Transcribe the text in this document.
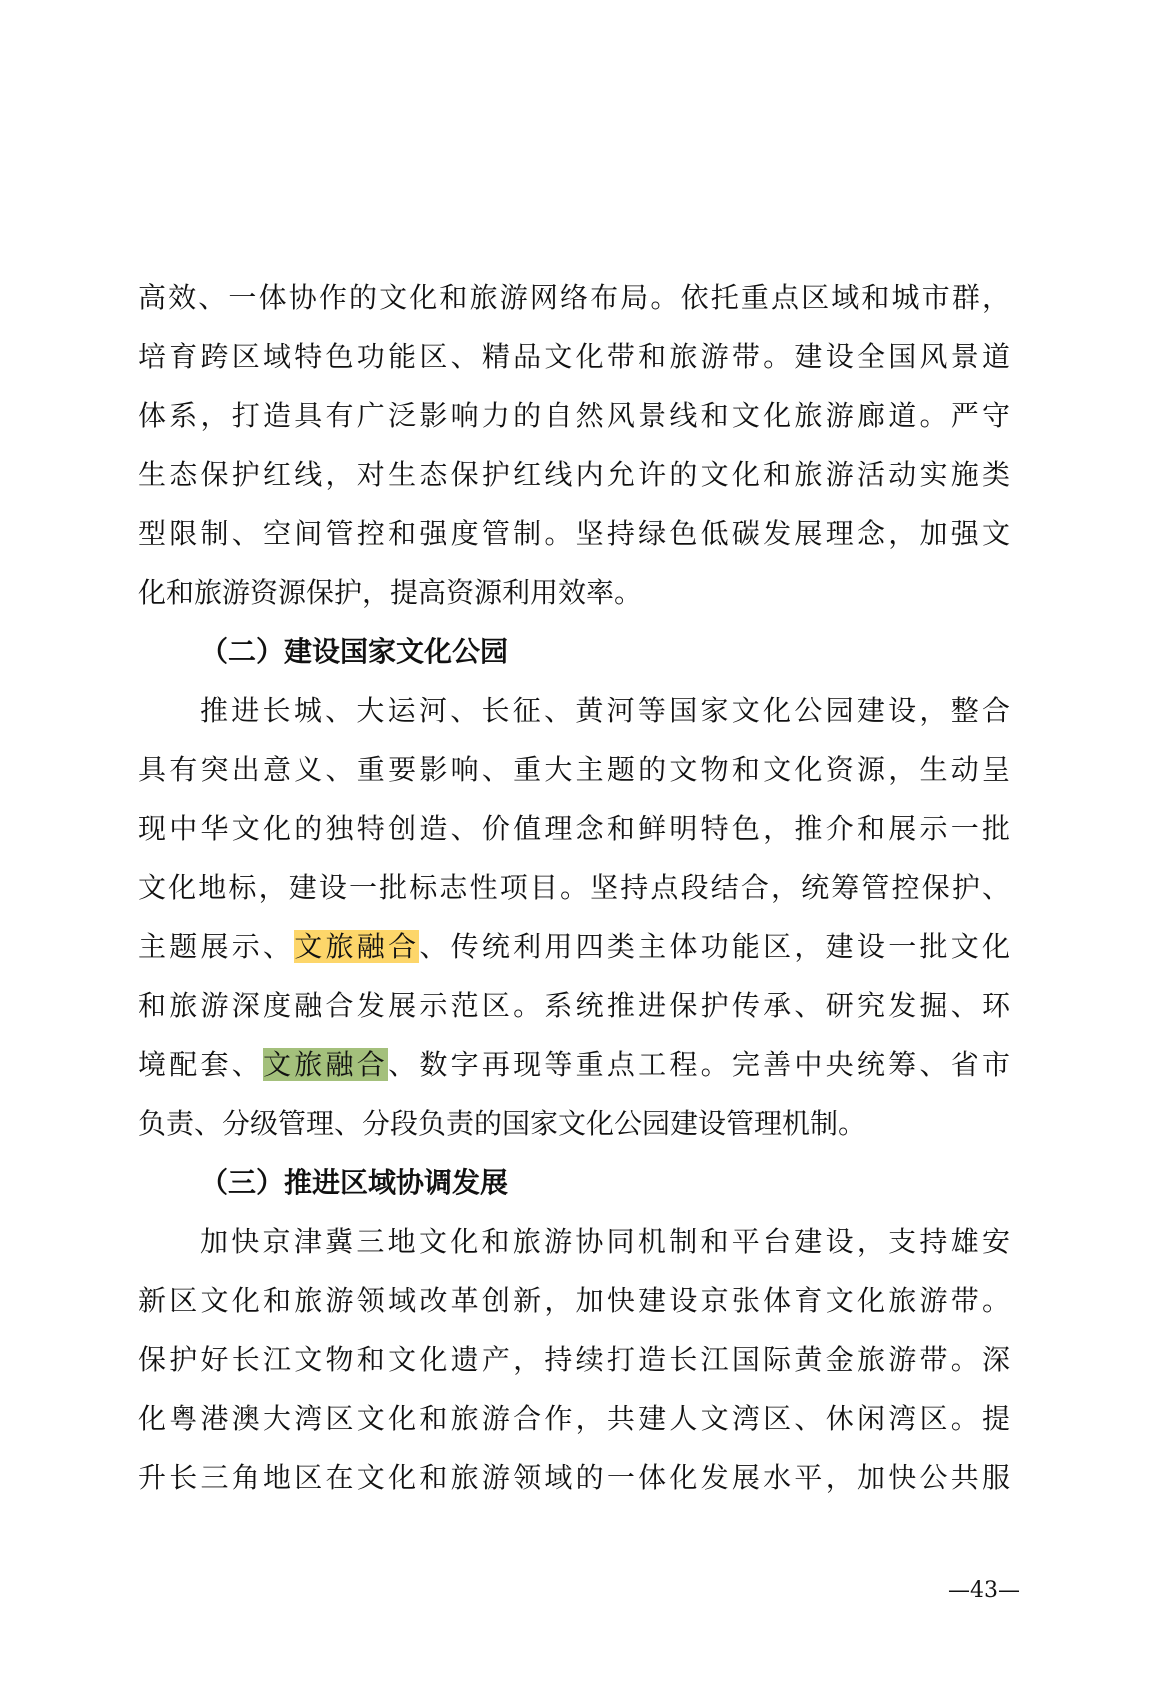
高效、一体协作的文化和旅游网络布局。依托重点区域和城市群，
培育跨区域特色功能区、精品文化带和旅游带。建设全国风景道
体系，打造具有广泛影响力的自然风景线和文化旅游廊道。严守
生态保护红线，对生态保护红线内允许的文化和旅游活动实施类
型限制、空间管控和强度管制。坚持绿色低碳发展理念，加强文
化和旅游资源保护，提高资源利用效率。
（二）建设国家文化公园
推进长城、大运河、长征、黄河等国家文化公园建设，整合
具有突出意义、重要影响、重大主题的文物和文化资源，生动呈
现中华文化的独特创造、价值理念和鲜明特色，推介和展示一批
文化地标，建设一批标志性项目。坚持点段结合，统筹管控保护、
主题展示、文旅融合、传统利用四类主体功能区，建设一批文化
和旅游深度融合发展示范区。系统推进保护传承、研究发掘、环
境配套、文旅融合、数字再现等重点工程。完善中央统筹、省市
负责、分级管理、分段负责的国家文化公园建设管理机制。
（三）推进区域协调发展
加快京津冀三地文化和旅游协同机制和平台建设，支持雄安
新区文化和旅游领域改革创新，加快建设京张体育文化旅游带。
保护好长江文物和文化遗产，持续打造长江国际黄金旅游带。深
化粤港澳大湾区文化和旅游合作，共建人文湾区、休闲湾区。提
升长三角地区在文化和旅游领域的一体化发展水平，加快公共服
—43—
